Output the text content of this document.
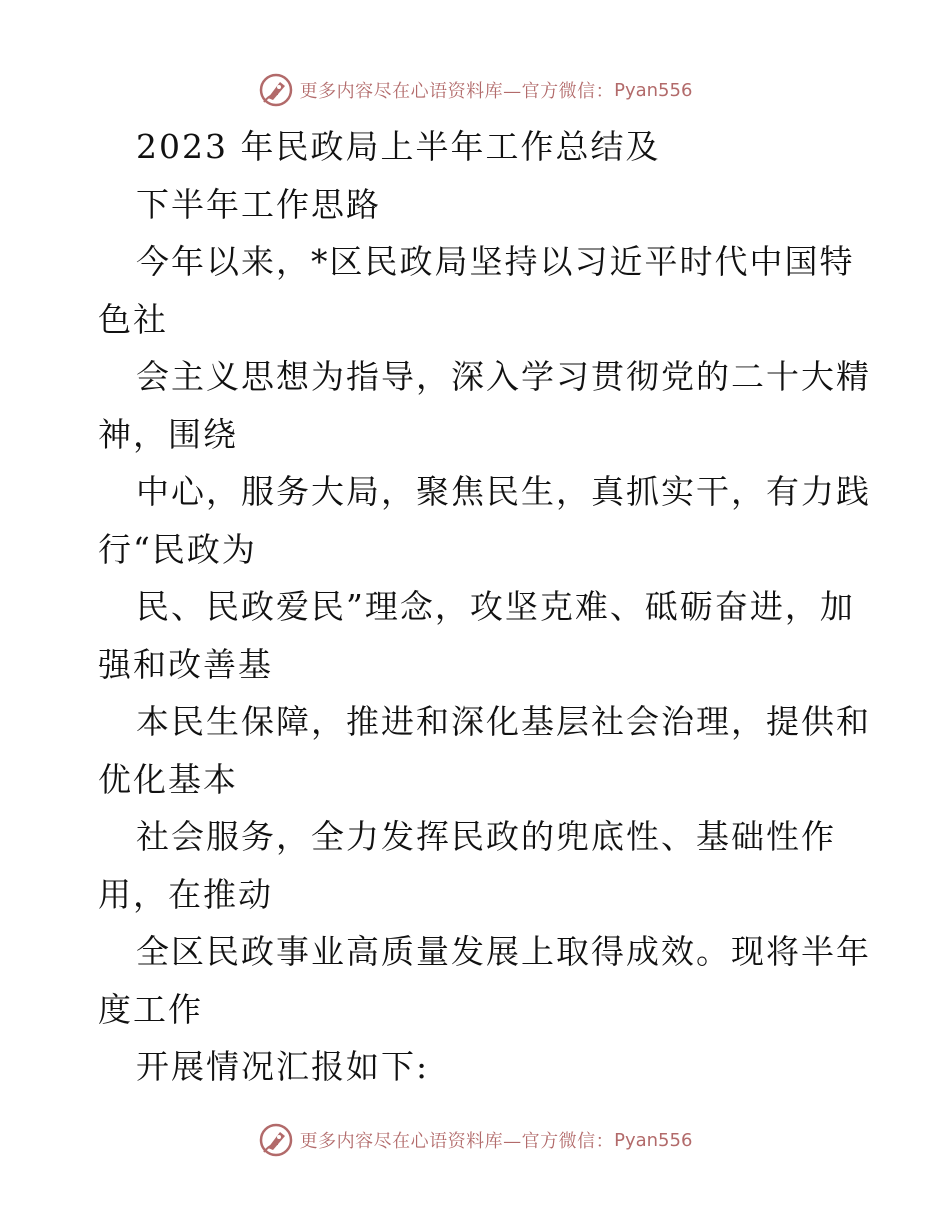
更多内容尽在心语资料库—官方微信： Pyan556
2023 年民政局上半年工作总结及
下半年工作思路
今年以来，*区民政局坚持以习近平时代中国特
色社
会主义思想为指导，深入学习贯彻党的二十大精
神，围绕
中心，服务大局，聚焦民生，真抓实干，有力践
行“民政为
民、民政爱民”理念，攻坚克难、砥砺奋进，加
强和改善基
本民生保障，推进和深化基层社会治理，提供和
优化基本
社会服务，全力发挥民政的兜底性、基础性作
用，在推动
全区民政事业高质量发展上取得成效。现将半年
度工作
开展情况汇报如下:
更多内容尽在心语资料库—官方微信： Pyan556
